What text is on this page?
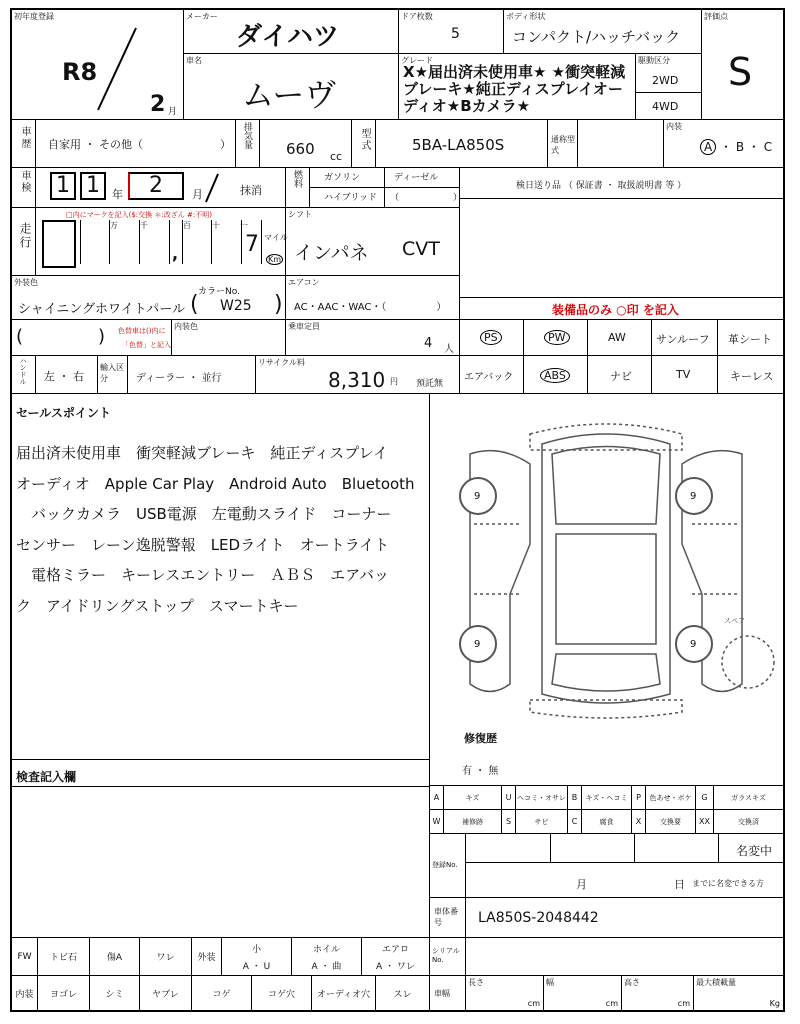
初年度登録
R8
2 月
メーカー
ダイハツ
ドア枚数
5
ボディ形状
コンパクト/ハッチバック
評価点
S
車名
ムーヴ
グレード
X★届出済未使用車★ ★衝突軽減ブレーキ★純正ディスプレイオーディオ★Bカメラ★
駆動区分
2WD
4WD
車歴 自家用 ・ その他（　　　　　　　） 排気量 660 cc
型式	5BA-LA850S	通称型式
内装
A ・ B ・ C
車検 1 1	年	2	月	抹消
燃料 ガソリン	ディーゼル
ハイブリッド （　　　　　　）
検日送り品 （ 保証書 ・ 取扱説明書 等 ）
走行
□内にマークを記入($:交換 ＊:改ざん #:不明)
万	千
,
百	十	一
7 マイル
Km
シフト
インパネ CVT
外装色
シャイニングホワイトパール
カラーNo.
( W25 )
エアコン
AC・AAC・WAC・（　　　　　）	装備品のみ ○印 を記入
(	) 色替車は()内に
「色替」と記入
内装色	乗車定員
4 人
PS	PW	AW	サンルーフ 革シート
ハンドル 左 ・ 右
輸入区分	ディーラー ・ 並行
リサイクル料
8,310 円 預託無
エアバック	ABS	ナビ	TV	キーレス
セールスポイント

届出済未使用車　衝突軽減ブレーキ　純正ディスプレイ

オーディオ　Apple Car Play　Android Auto　Bluetooth

　バックカメラ　USB電源　左電動スライド　コーナー

センサー　レーン逸脱警報　LEDライト　オートライト

　電格ミラー　キーレスエントリー　ＡＢＳ　エアバッ

ク　アイドリングストップ　スマートキー

9	9
9	9
スペア
修復歴
有 ・ 無
検査記入欄
A	キズ	U ヘコミ・オサレ B	キズ・ヘコミ	P	色あせ・ボケ	G	ガラスキズ
W	補修跡	S	サビ	C	腐食	X	交換要	XX	交換済
登録No.
名変中
月	日 までに名変できる方
車体番号	LA850S-2048442
FW トビ石	傷A	ワレ	外装
小
A ・ U
ホイル
A ・ 曲
エアロ
A ・ ワレ
内装 ヨゴレ	シミ	ヤブレ	コゲ	コゲ穴 オーディオ穴	スレ
シリアルNo.
車幅
長さ
cm
幅
cm
高さ
cm
最大積載量
Kg
